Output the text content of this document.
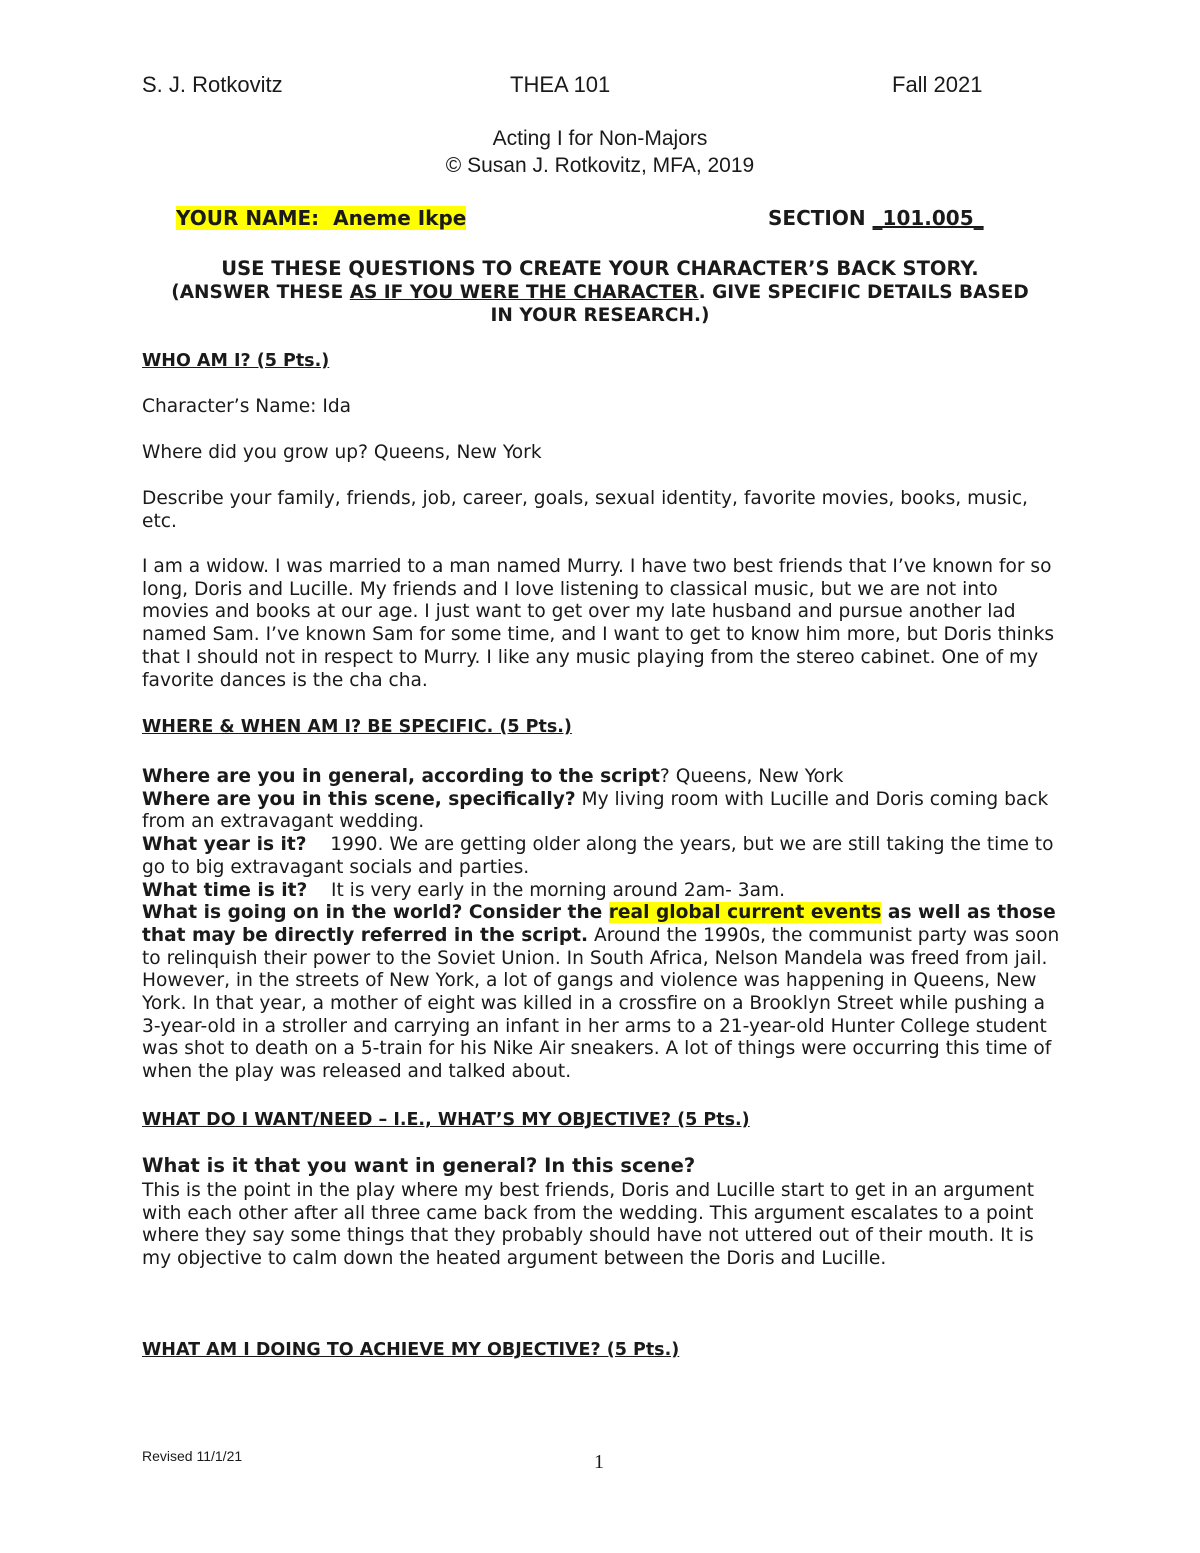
S. J. Rotkovitz	THEA 101	Fall 2021
Acting I for Non-Majors
© Susan J. Rotkovitz, MFA, 2019
YOUR NAME: Aneme Ikpe	SECTION _101.005_
USE THESE QUESTIONS TO CREATE YOUR CHARACTER’S BACK STORY.
(ANSWER THESE AS IF YOU WERE THE CHARACTER. GIVE SPECIFIC DETAILS BASED
IN YOUR RESEARCH.)
WHO AM I? (5 Pts.)
Character’s Name: Ida
Where did you grow up? Queens, New York
Describe your family, friends, job, career, goals, sexual identity, favorite movies, books, music, etc.
I am a widow. I was married to a man named Murry. I have two best friends that I’ve known for so long, Doris and Lucille. My friends and I love listening to classical music, but we are not into movies and books at our age. I just want to get over my late husband and pursue another lad named Sam. I’ve known Sam for some time, and I want to get to know him more, but Doris thinks that I should not in respect to Murry. I like any music playing from the stereo cabinet. One of my favorite dances is the cha cha.
WHERE & WHEN AM I? BE SPECIFIC. (5 Pts.)

Where are you in general, according to the script? Queens, New York

Where are you in this scene, specifically? My living room with Lucille and Doris coming back from an extravagant wedding.

What year is it?    1990. We are getting older along the years, but we are still taking the time to go to big extravagant socials and parties.

What time is it?    It is very early in the morning around 2am- 3am.

What is going on in the world? Consider the real global current events as well as those that may be directly referred in the script. Around the 1990s, the communist party was soon to relinquish their power to the Soviet Union. In South Africa, Nelson Mandela was freed from jail. However, in the streets of New York, a lot of gangs and violence was happening in Queens, New York. In that year, a mother of eight was killed in a crossfire on a Brooklyn Street while pushing a 3-year-old in a stroller and carrying an infant in her arms to a 21-year-old Hunter College student was shot to death on a 5-train for his Nike Air sneakers. A lot of things were occurring this time of when the play was released and talked about.

WHAT DO I WANT/NEED – I.E., WHAT’S MY OBJECTIVE? (5 Pts.)
What is it that you want in general? In this scene?
This is the point in the play where my best friends, Doris and Lucille start to get in an argument with each other after all three came back from the wedding. This argument escalates to a point where they say some things that they probably should have not uttered out of their mouth. It is my objective to calm down the heated argument between the Doris and Lucille.
WHAT AM I DOING TO ACHIEVE MY OBJECTIVE? (5 Pts.)
Revised 11/1/21	1
